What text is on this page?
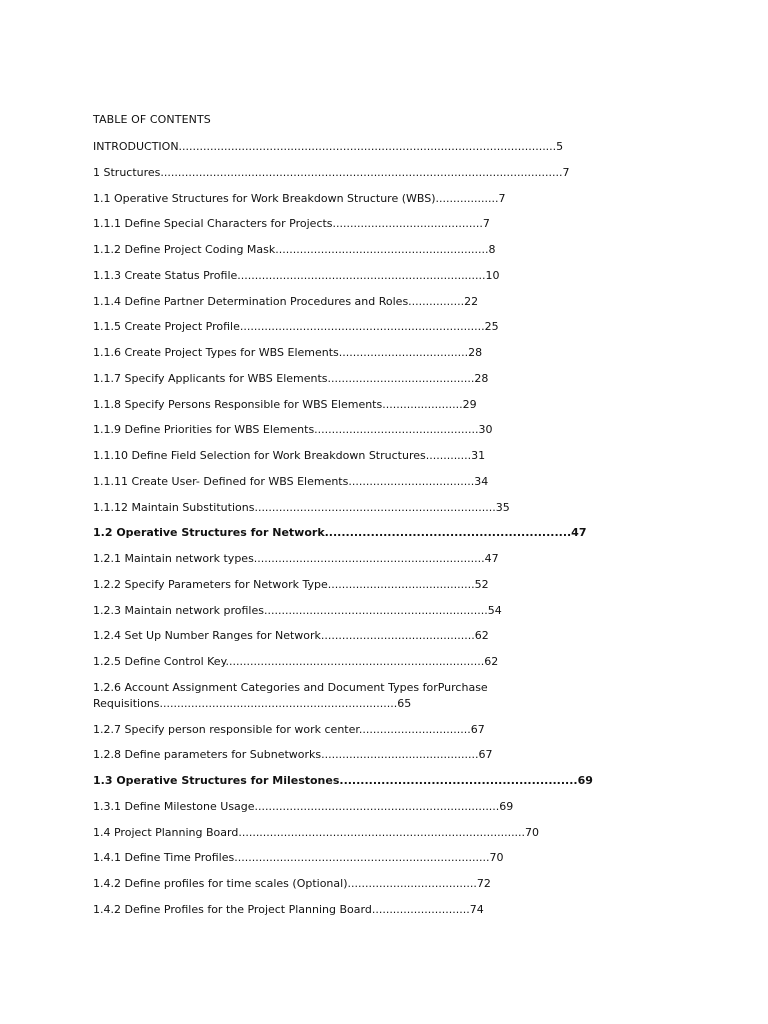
TABLE OF CONTENTS
INTRODUCTION............................................................................................................5
1 Structures...................................................................................................................7
1.1 Operative Structures for Work Breakdown Structure (WBS)..................7
1.1.1 Define Special Characters for Projects...........................................7
1.1.2 Define Project Coding Mask.............................................................8
1.1.3 Create Status Profile.......................................................................10
1.1.4 Define Partner Determination Procedures and Roles................22
1.1.5 Create Project Profile......................................................................25
1.1.6 Create Project Types for WBS Elements.....................................28
1.1.7 Specify Applicants for WBS Elements..........................................28
1.1.8 Specify Persons Responsible for WBS Elements.......................29
1.1.9 Define Priorities for WBS Elements...............................................30
1.1.10 Define Field Selection for Work Breakdown Structures.............31
1.1.11 Create User- Defined for WBS Elements....................................34
1.1.12 Maintain Substitutions.....................................................................35
1.2 Operative Structures for Network...........................................................47
1.2.1 Maintain network types..................................................................47
1.2.2 Specify Parameters for Network Type..........................................52
1.2.3 Maintain network profiles................................................................54
1.2.4 Set Up Number Ranges for Network............................................62
1.2.5 Define Control Key..........................................................................62
1.2.6 Account Assignment Categories and Document Types forPurchase Requisitions....................................................................65
1.2.7 Specify person responsible for work center................................67
1.2.8 Define parameters for Subnetworks.............................................67
1.3 Operative Structures for Milestones.........................................................69
1.3.1 Define Milestone Usage......................................................................69
1.4 Project Planning Board..................................................................................70
1.4.1 Define Time Profiles.........................................................................70
1.4.2 Define profiles for time scales (Optional).....................................72
1.4.2 Define Profiles for the Project Planning Board............................74
